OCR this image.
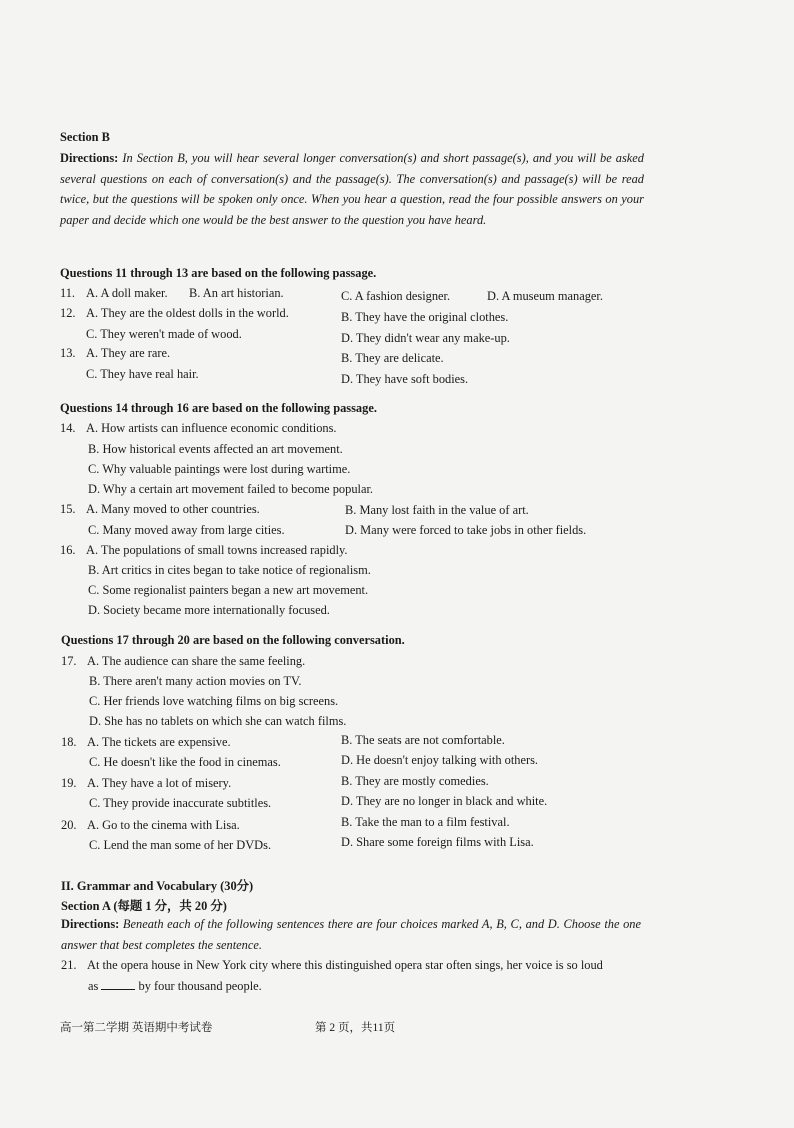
Section B
Directions: In Section B, you will hear several longer conversation(s) and short passage(s), and you will be asked several questions on each of conversation(s) and the passage(s). The conversation(s) and passage(s) will be read twice, but the questions will be spoken only once. When you hear a question, read the four possible answers on your paper and decide which one would be the best answer to the question you have heard.
Questions 11 through 13 are based on the following passage.
11. A. A doll maker. B. An art historian.	C. A fashion designer.	D. A museum manager.
12. A. They are the oldest dolls in the world.	B. They have the original clothes.
C. They weren't made of wood.	D. They didn't wear any make-up.
13. A. They are rare.	B. They are delicate.
C. They have real hair.	D. They have soft bodies.
Questions 14 through 16 are based on the following passage.
14. A. How artists can influence economic conditions.
B. How historical events affected an art movement.
C. Why valuable paintings were lost during wartime.
D. Why a certain art movement failed to become popular.
15. A. Many moved to other countries.	B. Many lost faith in the value of art.
C. Many moved away from large cities.	D. Many were forced to take jobs in other fields.
16. A. The populations of small towns increased rapidly.
B. Art critics in cites began to take notice of regionalism.
C. Some regionalist painters began a new art movement.
D. Society became more internationally focused.
Questions 17 through 20 are based on the following conversation.
17. A. The audience can share the same feeling.
B. There aren't many action movies on TV.
C. Her friends love watching films on big screens.
D. She has no tablets on which she can watch films.
18. A. The tickets are expensive.	B. The seats are not comfortable.
C. He doesn't like the food in cinemas.	D. He doesn't enjoy talking with others.
19. A. They have a lot of misery.	B. They are mostly comedies.
C. They provide inaccurate subtitles.	D. They are no longer in black and white.
20. A. Go to the cinema with Lisa.	B. Take the man to a film festival.
C. Lend the man some of her DVDs.	D. Share some foreign films with Lisa.
II. Grammar and Vocabulary (30分)
Section A (每题 1 分，共 20 分)
Directions: Beneath each of the following sentences there are four choices marked A, B, C, and D. Choose the one answer that best completes the sentence.
21. At the opera house in New York city where this distinguished opera star often sings, her voice is so loud
as	by four thousand people.
高一第二学期 英语期中考试卷	第 2 页，共11页
